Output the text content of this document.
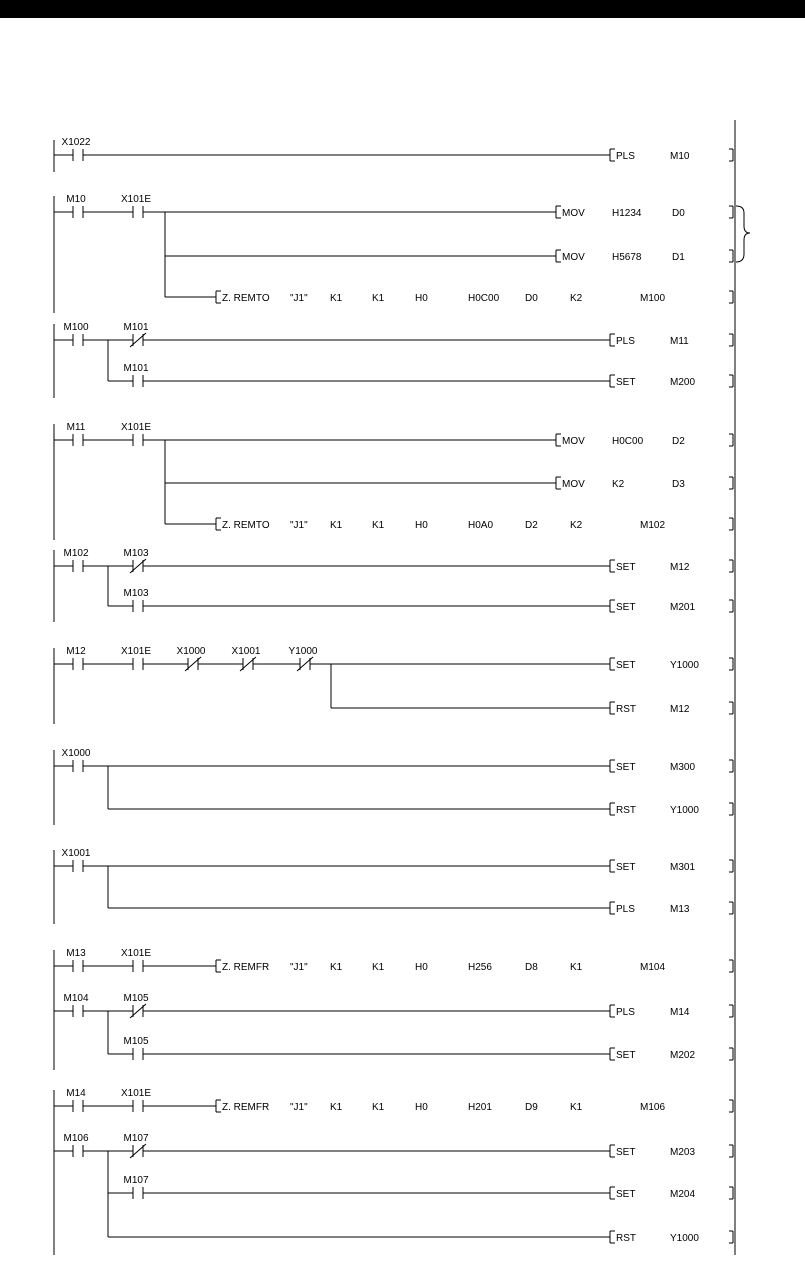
X1022
PLS	M10
M10	X101E
MOV	H1234	D0
MOV	H5678	D1
Z. REMTO "J1" K1	K1	H0	H0C00	D0	K2	M100
M100	M101
PLS	M11
M101
SET	M200
M11	X101E
MOV	H0C00	D2
MOV	K2	D3
Z. REMTO "J1" K1	K1	H0	H0A0	D2	K2	M102
M102	M103
SET	M12
M103
SET	M201
M12	X101E	X1000	X1001	Y1000
SET	Y1000
RST	M12
X1000
SET	M300
RST	Y1000
X1001
SET	M301
PLS	M13
M13	X101E
Z. REMFR "J1" K1	K1	H0	H256	D8	K1	M104
M104	M105
PLS	M14
M105
SET	M202
M14	X101E
Z. REMFR "J1" K1	K1	H0	H201	D9	K1	M106
M106	M107
SET	M203
M107
SET	M204
RST	Y1000
